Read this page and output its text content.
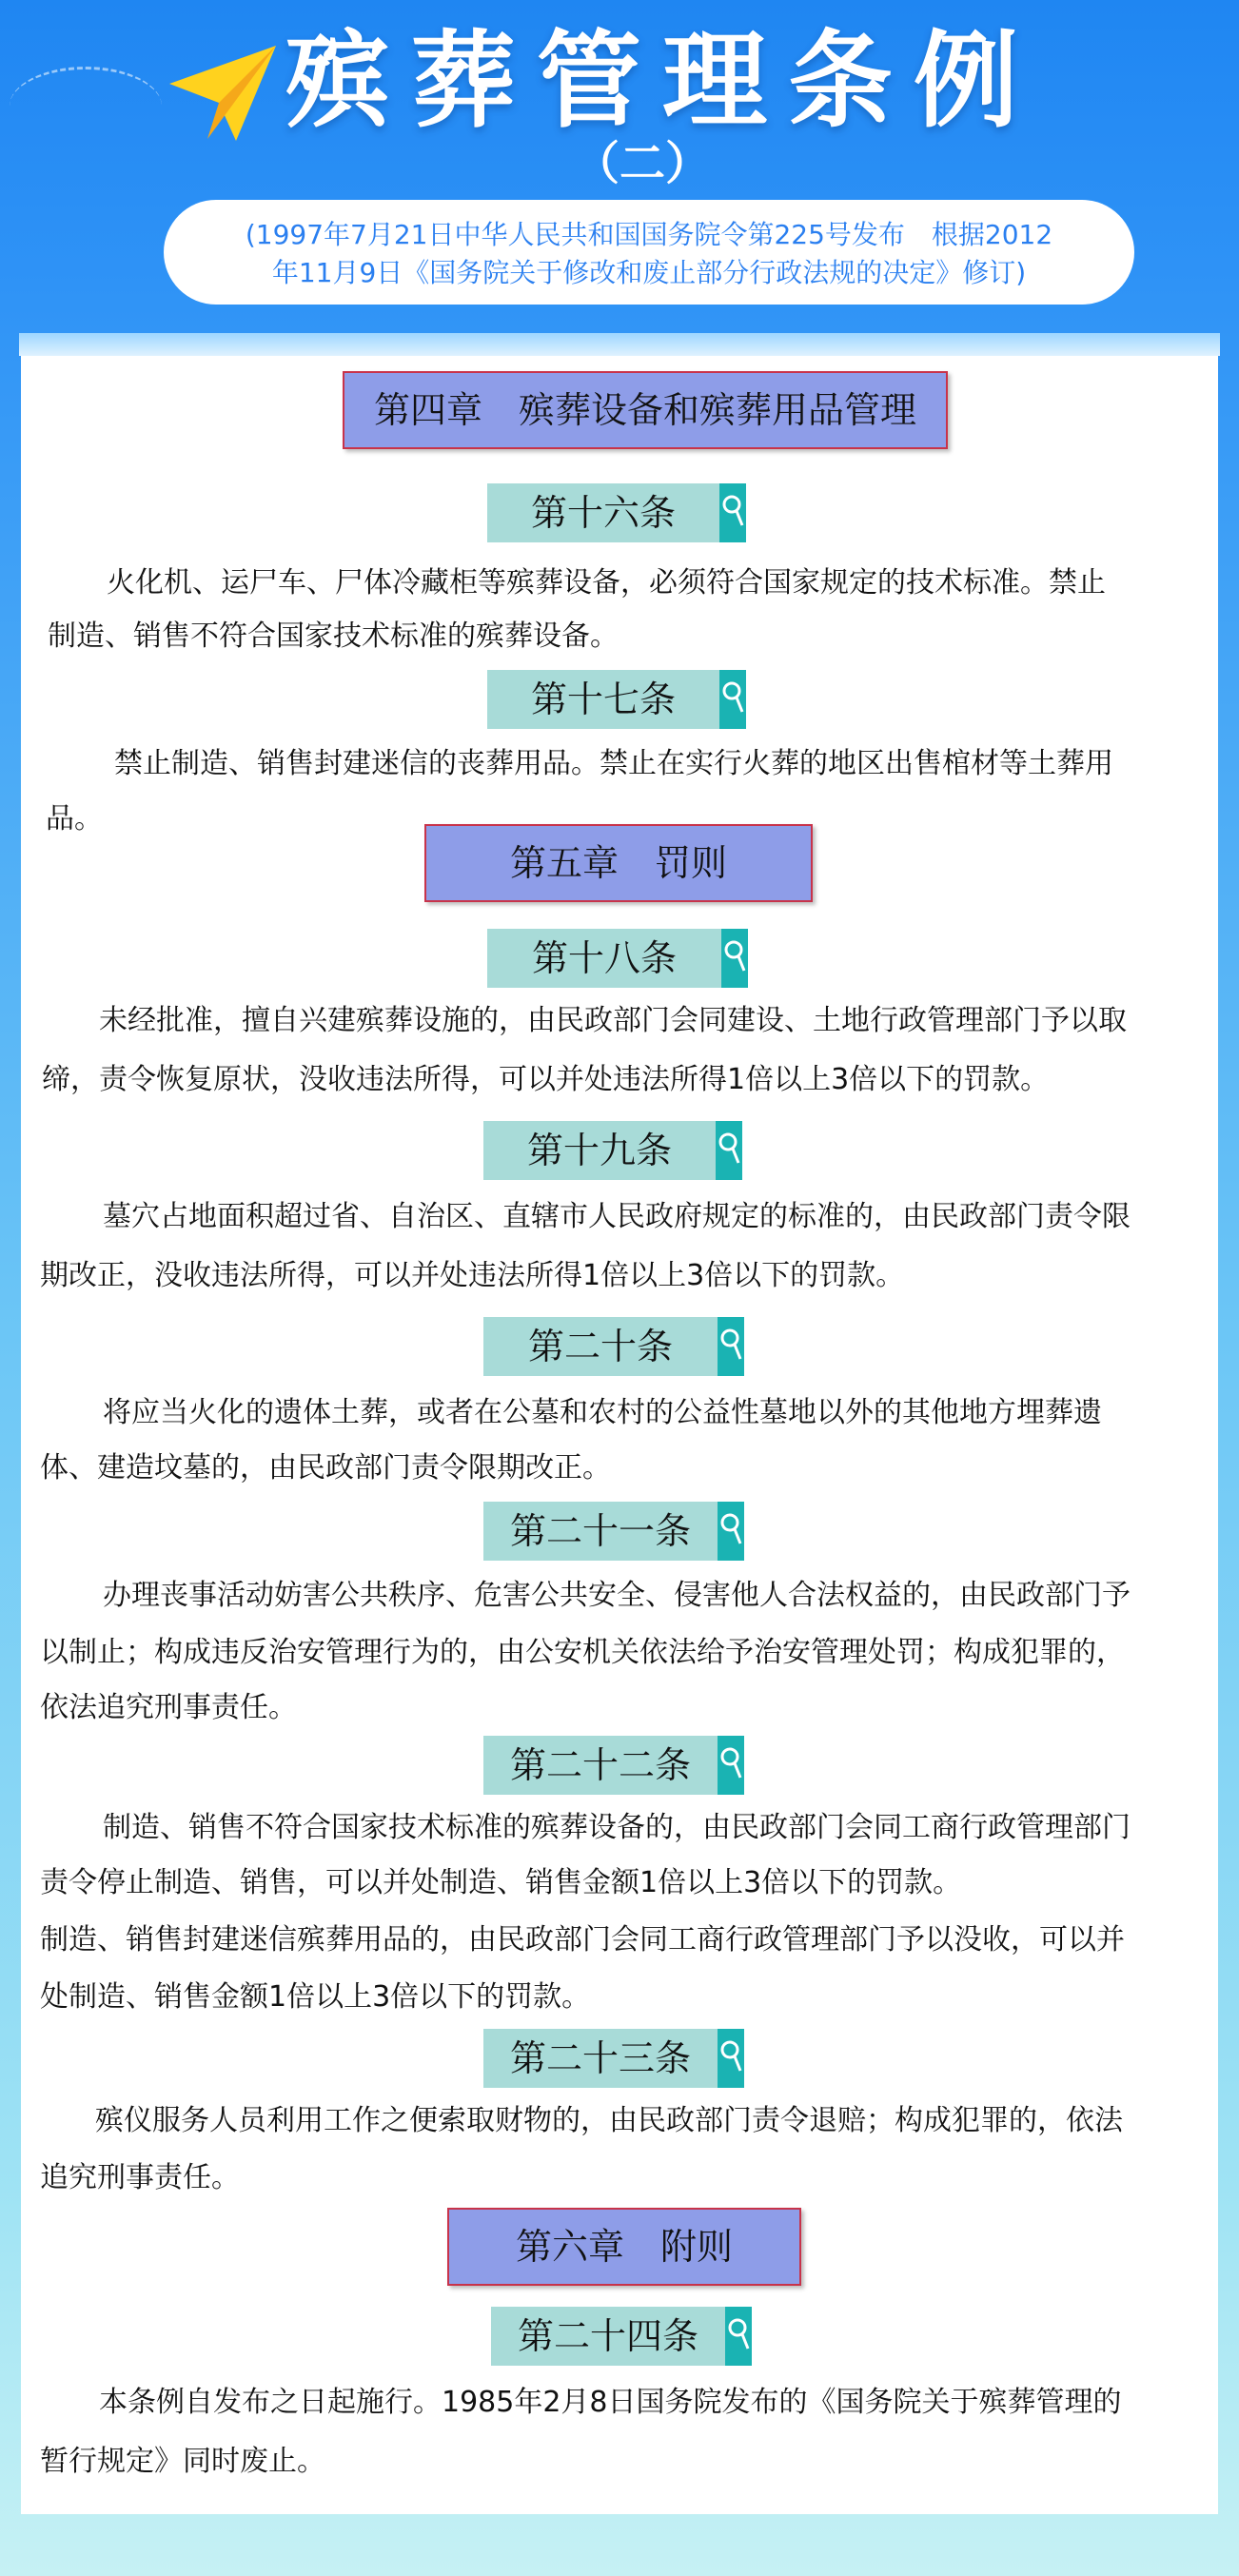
殡葬管理条例
（二）
(1997年7月21日中华人民共和国国务院令第225号发布　根据2012
年11月9日《国务院关于修改和废止部分行政法规的决定》修订)
第四章　殡葬设备和殡葬用品管理
第十六条
火化机、运尸车、尸体冷藏柜等殡葬设备，必须符合国家规定的技术标准。禁止
制造、销售不符合国家技术标准的殡葬设备。
第十七条
禁止制造、销售封建迷信的丧葬用品。禁止在实行火葬的地区出售棺材等土葬用
品。
第五章　罚则
第十八条
未经批准，擅自兴建殡葬设施的，由民政部门会同建设、土地行政管理部门予以取
缔，责令恢复原状，没收违法所得，可以并处违法所得1倍以上3倍以下的罚款。
第十九条
墓穴占地面积超过省、自治区、直辖市人民政府规定的标准的，由民政部门责令限
期改正，没收违法所得，可以并处违法所得1倍以上3倍以下的罚款。
第二十条
将应当火化的遗体土葬，或者在公墓和农村的公益性墓地以外的其他地方埋葬遗
体、建造坟墓的，由民政部门责令限期改正。
第二十一条
办理丧事活动妨害公共秩序、危害公共安全、侵害他人合法权益的，由民政部门予
以制止；构成违反治安管理行为的，由公安机关依法给予治安管理处罚；构成犯罪的，
依法追究刑事责任。
第二十二条
制造、销售不符合国家技术标准的殡葬设备的，由民政部门会同工商行政管理部门
责令停止制造、销售，可以并处制造、销售金额1倍以上3倍以下的罚款。
制造、销售封建迷信殡葬用品的，由民政部门会同工商行政管理部门予以没收，可以并
处制造、销售金额1倍以上3倍以下的罚款。
第二十三条
殡仪服务人员利用工作之便索取财物的，由民政部门责令退赔；构成犯罪的，依法
追究刑事责任。
第六章　附则
第二十四条
本条例自发布之日起施行。1985年2月8日国务院发布的《国务院关于殡葬管理的
暂行规定》同时废止。
